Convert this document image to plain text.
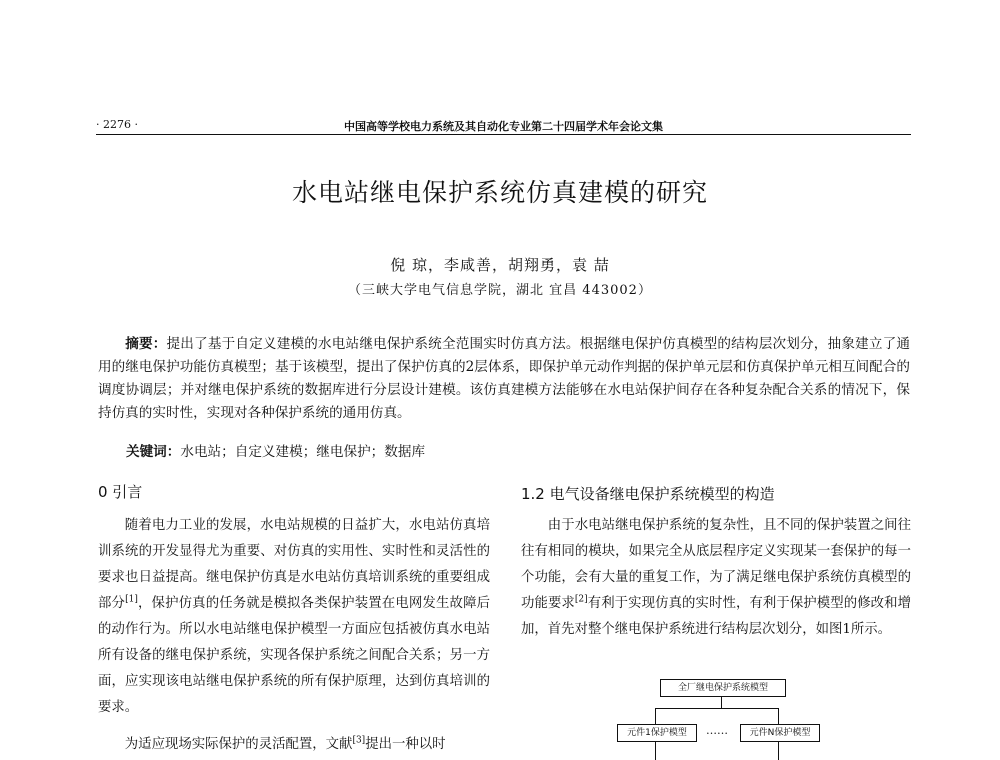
· 2276 ·	中国高等学校电力系统及其自动化专业第二十四届学术年会论文集
水电站继电保护系统仿真建模的研究
倪 琼，李咸善，胡翔勇，袁 喆
（三峡大学电气信息学院，湖北 宜昌 443002）
摘要：提出了基于自定义建模的水电站继电保护系统全范围实时仿真方法。根据继电保护仿真模型的结构层次划分，抽象建立了通用的继电保护功能仿真模型；基于该模型，提出了保护仿真的2层体系，即保护单元动作判据的保护单元层和仿真保护单元相互间配合的调度协调层；并对继电保护系统的数据库进行分层设计建模。该仿真建模方法能够在水电站保护间存在各种复杂配合关系的情况下，保持仿真的实时性，实现对各种保护系统的通用仿真。
关键词：水电站；自定义建模；继电保护；数据库
0 引言
随着电力工业的发展，水电站规模的日益扩大，水电站仿真培训系统的开发显得尤为重要、对仿真的实用性、实时性和灵活性的要求也日益提高。继电保护仿真是水电站仿真培训系统的重要组成部分[1]，保护仿真的任务就是模拟各类保护装置在电网发生故障后的动作行为。所以水电站继电保护模型一方面应包括被仿真水电站所有设备的继电保护系统，实现各保护系统之间配合关系；另一方面，应实现该电站继电保护系统的所有保护原理，达到仿真培训的要求。
为适应现场实际保护的灵活配置，文献[3]提出一种以时
1.2 电气设备继电保护系统模型的构造
由于水电站继电保护系统的复杂性，且不同的保护装置之间往往有相同的模块，如果完全从底层程序定义实现某一套保护的每一个功能，会有大量的重复工作，为了满足继电保护系统仿真模型的功能要求[2]有利于实现仿真的实时性，有利于保护模型的修改和增加，首先对整个继电保护系统进行结构层次划分，如图1所示。
全厂继电保护系统模型
元件1保护模型	……	元件N保护模型
